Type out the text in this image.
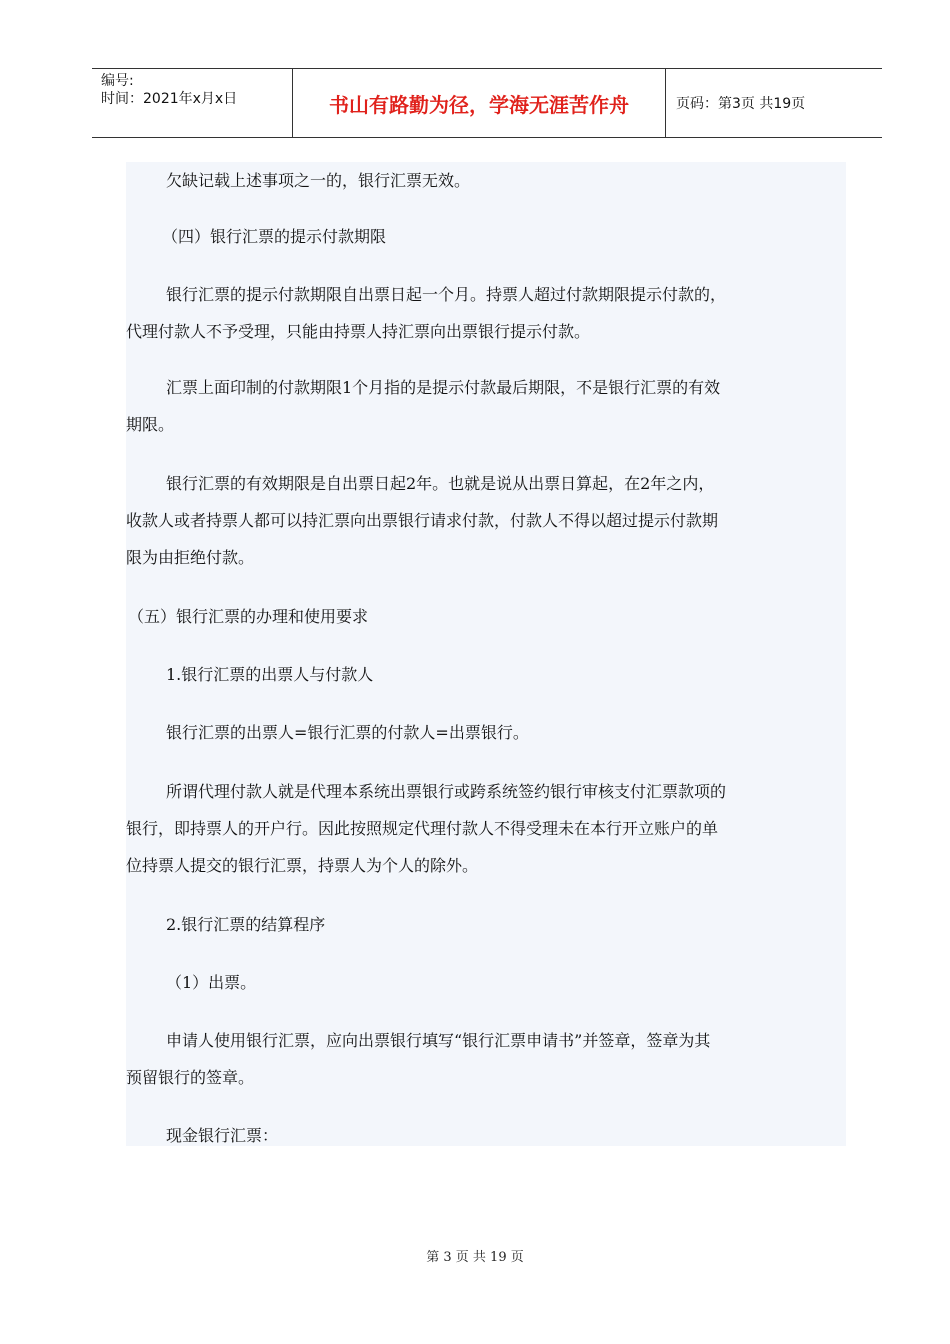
编号:
时间：2021年x月x日	书山有路勤为径，学海无涯苦作舟	页码：第3页 共19页
欠缺记载上述事项之一的，银行汇票无效。
（四）银行汇票的提示付款期限
银行汇票的提示付款期限自出票日起一个月。持票人超过付款期限提示付款的，
代理付款人不予受理，只能由持票人持汇票向出票银行提示付款。
汇票上面印制的付款期限1个月指的是提示付款最后期限，不是银行汇票的有效
期限。
银行汇票的有效期限是自出票日起2年。也就是说从出票日算起，在2年之内，
收款人或者持票人都可以持汇票向出票银行请求付款，付款人不得以超过提示付款期
限为由拒绝付款。
（五）银行汇票的办理和使用要求
1.银行汇票的出票人与付款人
银行汇票的出票人=银行汇票的付款人=出票银行。
所谓代理付款人就是代理本系统出票银行或跨系统签约银行审核支付汇票款项的
银行，即持票人的开户行。因此按照规定代理付款人不得受理未在本行开立账户的单
位持票人提交的银行汇票，持票人为个人的除外。
2.银行汇票的结算程序
（1）出票。
申请人使用银行汇票，应向出票银行填写“银行汇票申请书”并签章，签章为其
预留银行的签章。
现金银行汇票：
第 3 页 共 19 页
